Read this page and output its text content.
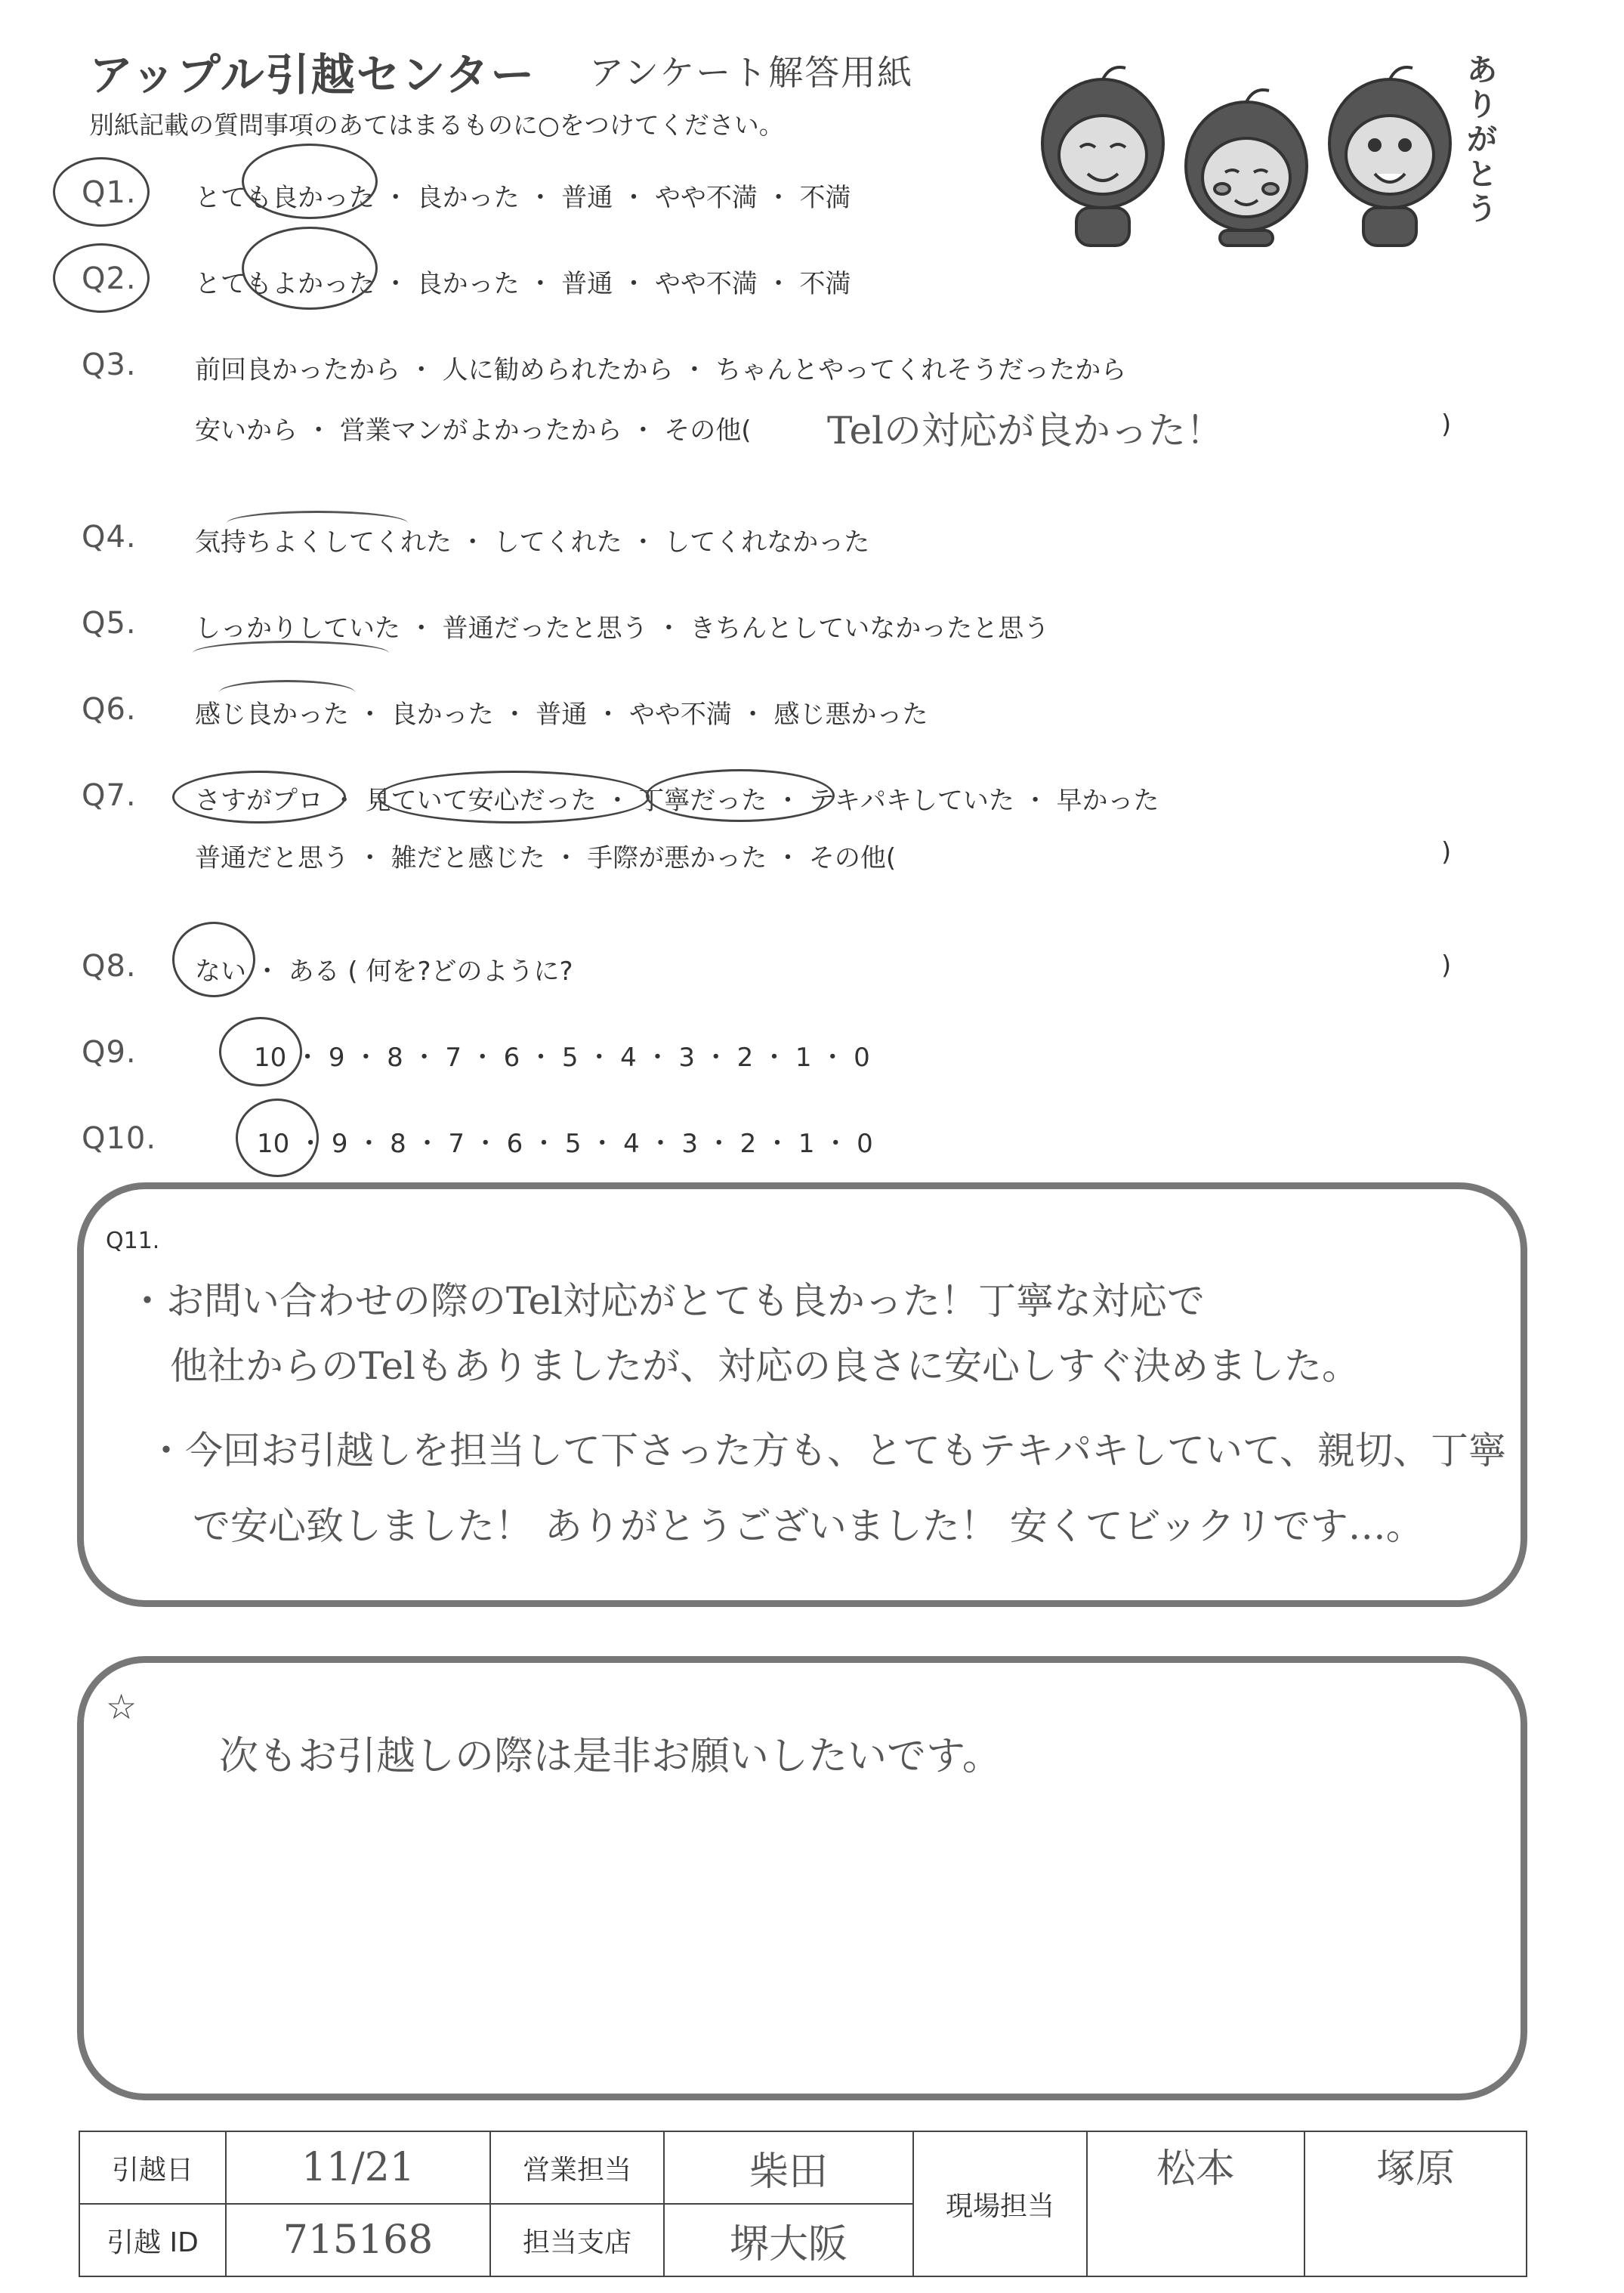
アップル引越センター アンケート解答用紙
別紙記載の質問事項のあてはまるものに○をつけてください。
ありがとう
Q1. とても良かった ・ 良かった ・ 普通 ・ やや不満 ・ 不満
Q2. とてもよかった ・ 良かった ・ 普通 ・ やや不満 ・ 不満
Q3. 前回良かったから ・ 人に勧められたから ・ ちゃんとやってくれそうだったから
安いから ・ 営業マンがよかったから ・ その他( Telの対応が良かった！	)
Q4. 気持ちよくしてくれた ・ してくれた ・ してくれなかった
Q5. しっかりしていた ・ 普通だったと思う ・ きちんとしていなかったと思う
Q6. 感じ良かった ・ 良かった ・ 普通 ・ やや不満 ・ 感じ悪かった
Q7. さすがプロ ・ 見ていて安心だった ・ 丁寧だった ・ テキパキしていた ・ 早かった
普通だと思う ・ 雑だと感じた ・ 手際が悪かった ・ その他(	)
Q8. ない ・ ある ( 何を?どのように?	)
Q9.	10 ・ 9 ・ 8 ・ 7 ・ 6 ・ 5 ・ 4 ・ 3 ・ 2 ・ 1 ・ 0
Q10.	10 ・ 9 ・ 8 ・ 7 ・ 6 ・ 5 ・ 4 ・ 3 ・ 2 ・ 1 ・ 0
Q11.
・お問い合わせの際のTel対応がとても良かった！丁寧な対応で
他社からのTelもありましたが、対応の良さに安心しすぐ決めました。
・今回お引越しを担当して下さった方も、とてもテキパキしていて、親切、丁寧
で安心致しました！ ありがとうございました！ 安くてビックリです…。
☆
次もお引越しの際は是非お願いしたいです。
引越日	11/21	営業担当	柴田	現場担当	松本	塚原
引越 ID	715168	担当支店	堺大阪			
